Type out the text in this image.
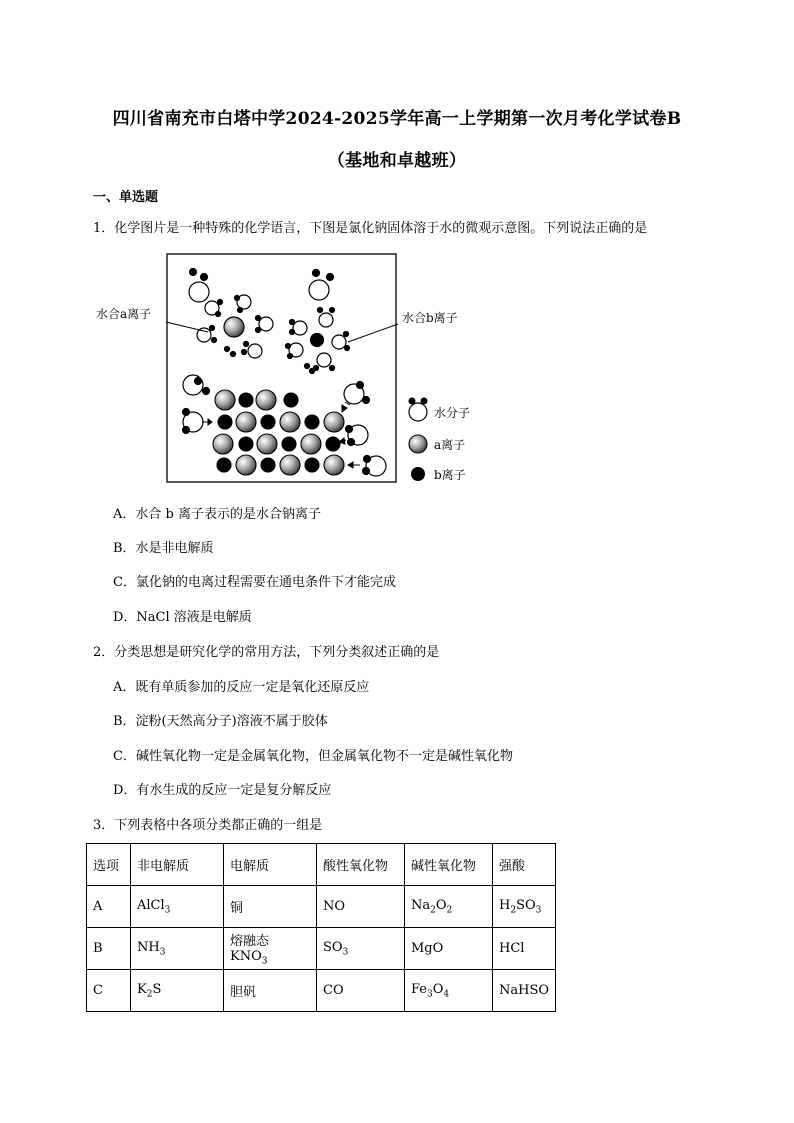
四川省南充市白塔中学2024-2025学年高一上学期第一次月考化学试卷B
（基地和卓越班）
一、单选题
1．化学图片是一种特殊的化学语言，下图是氯化钠固体溶于水的微观示意图。下列说法正确的是
水合a离子	水合b离子
水分子
a离子
b离子
A．水合 b 离子表示的是水合钠离子
B．水是非电解质
C．氯化钠的电离过程需要在通电条件下才能完成
D．NaCl 溶液是电解质
2．分类思想是研究化学的常用方法，下列分类叙述正确的是
A．既有单质参加的反应一定是氧化还原反应
B．淀粉(天然高分子)溶液不属于胶体
C．碱性氧化物一定是金属氧化物，但金属氧化物不一定是碱性氧化物
D．有水生成的反应一定是复分解反应
3．下列表格中各项分类都正确的一组是
选项	非电解质	电解质	酸性氧化物	碱性氧化物	强酸
A	AlCl$_3$	铜	NO	$Na_2O_2$	$H_2SO_3$
B	$NH_3$	熔融态 $KNO_3$	$SO_3$	MgO	HCl
C	$K_2S$	胆矾	CO	$Fe_3O_4$	NaHSO
